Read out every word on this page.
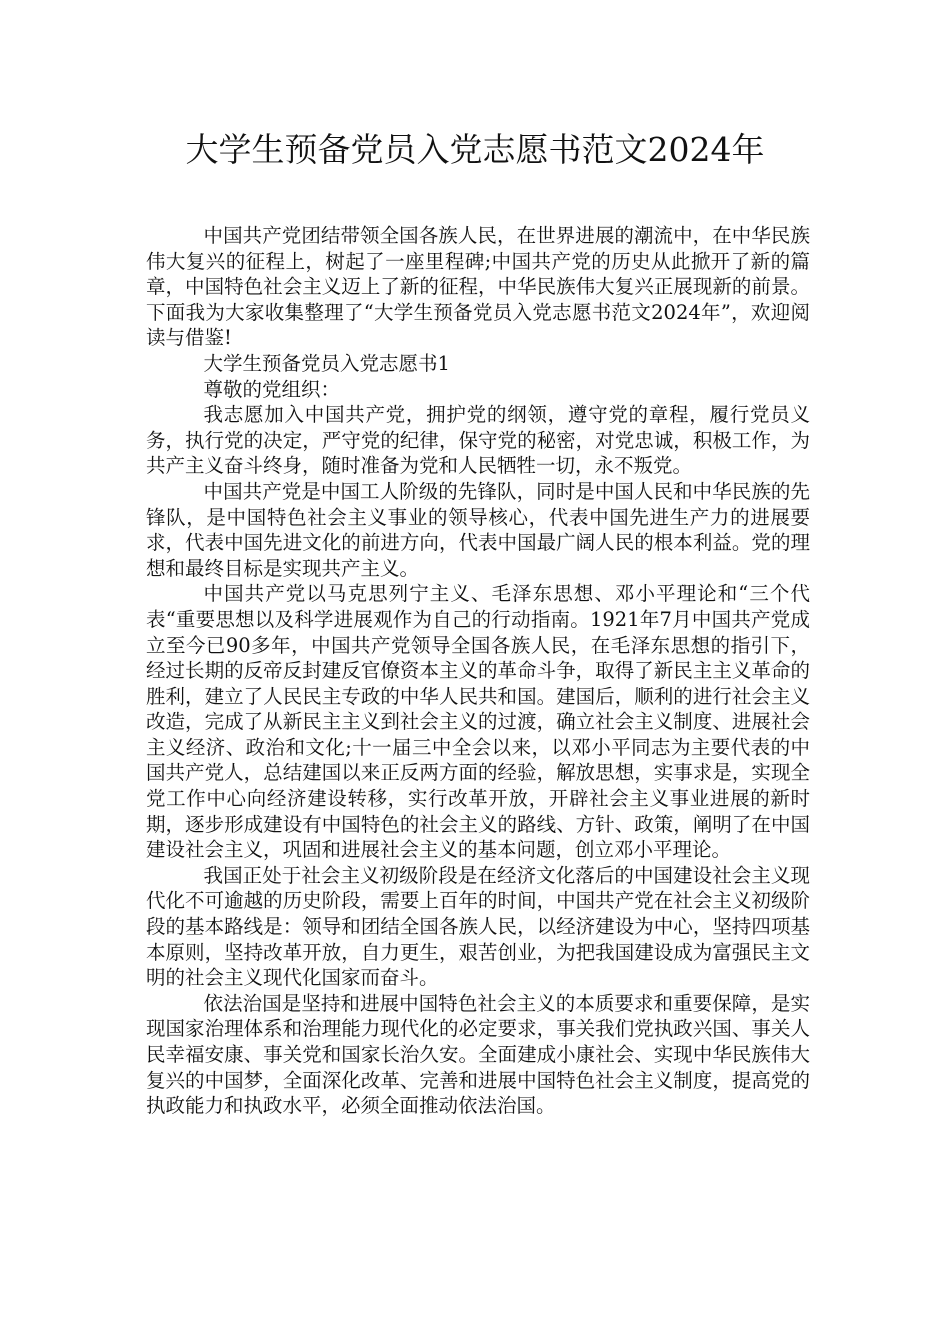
大学生预备党员入党志愿书范文2024年

中国共产党团结带领全国各族人民，在世界进展的潮流中，在中华民族伟大复兴的征程上，树起了一座里程碑;中国共产党的历史从此掀开了新的篇章，中国特色社会主义迈上了新的征程，中华民族伟大复兴正展现新的前景。下面我为大家收集整理了“大学生预备党员入党志愿书范文2024年”，欢迎阅读与借鉴!

大学生预备党员入党志愿书1

尊敬的党组织：

我志愿加入中国共产党，拥护党的纲领，遵守党的章程，履行党员义务，执行党的决定，严守党的纪律，保守党的秘密，对党忠诚，积极工作，为共产主义奋斗终身，随时准备为党和人民牺牲一切，永不叛党。

中国共产党是中国工人阶级的先锋队，同时是中国人民和中华民族的先锋队，是中国特色社会主义事业的领导核心，代表中国先进生产力的进展要求，代表中国先进文化的前进方向，代表中国最广阔人民的根本利益。党的理想和最终目标是实现共产主义。

中国共产党以马克思列宁主义、毛泽东思想、邓小平理论和“三个代表“重要思想以及科学进展观作为自己的行动指南。1921年7月中国共产党成立至今已90多年，中国共产党领导全国各族人民，在毛泽东思想的指引下，经过长期的反帝反封建反官僚资本主义的革命斗争，取得了新民主主义革命的胜利，建立了人民民主专政的中华人民共和国。建国后，顺利的进行社会主义改造，完成了从新民主主义到社会主义的过渡，确立社会主义制度、进展社会主义经济、政治和文化;十一届三中全会以来，以邓小平同志为主要代表的中国共产党人，总结建国以来正反两方面的经验，解放思想，实事求是，实现全党工作中心向经济建设转移，实行改革开放，开辟社会主义事业进展的新时期，逐步形成建设有中国特色的社会主义的路线、方针、政策，阐明了在中国建设社会主义，巩固和进展社会主义的基本问题，创立邓小平理论。

我国正处于社会主义初级阶段是在经济文化落后的中国建设社会主义现代化不可逾越的历史阶段，需要上百年的时间，中国共产党在社会主义初级阶段的基本路线是：领导和团结全国各族人民，以经济建设为中心，坚持四项基本原则，坚持改革开放，自力更生，艰苦创业，为把我国建设成为富强民主文明的社会主义现代化国家而奋斗。

依法治国是坚持和进展中国特色社会主义的本质要求和重要保障，是实现国家治理体系和治理能力现代化的必定要求，事关我们党执政兴国、事关人民幸福安康、事关党和国家长治久安。全面建成小康社会、实现中华民族伟大复兴的中国梦，全面深化改革、完善和进展中国特色社会主义制度，提高党的执政能力和执政水平，必须全面推动依法治国。
